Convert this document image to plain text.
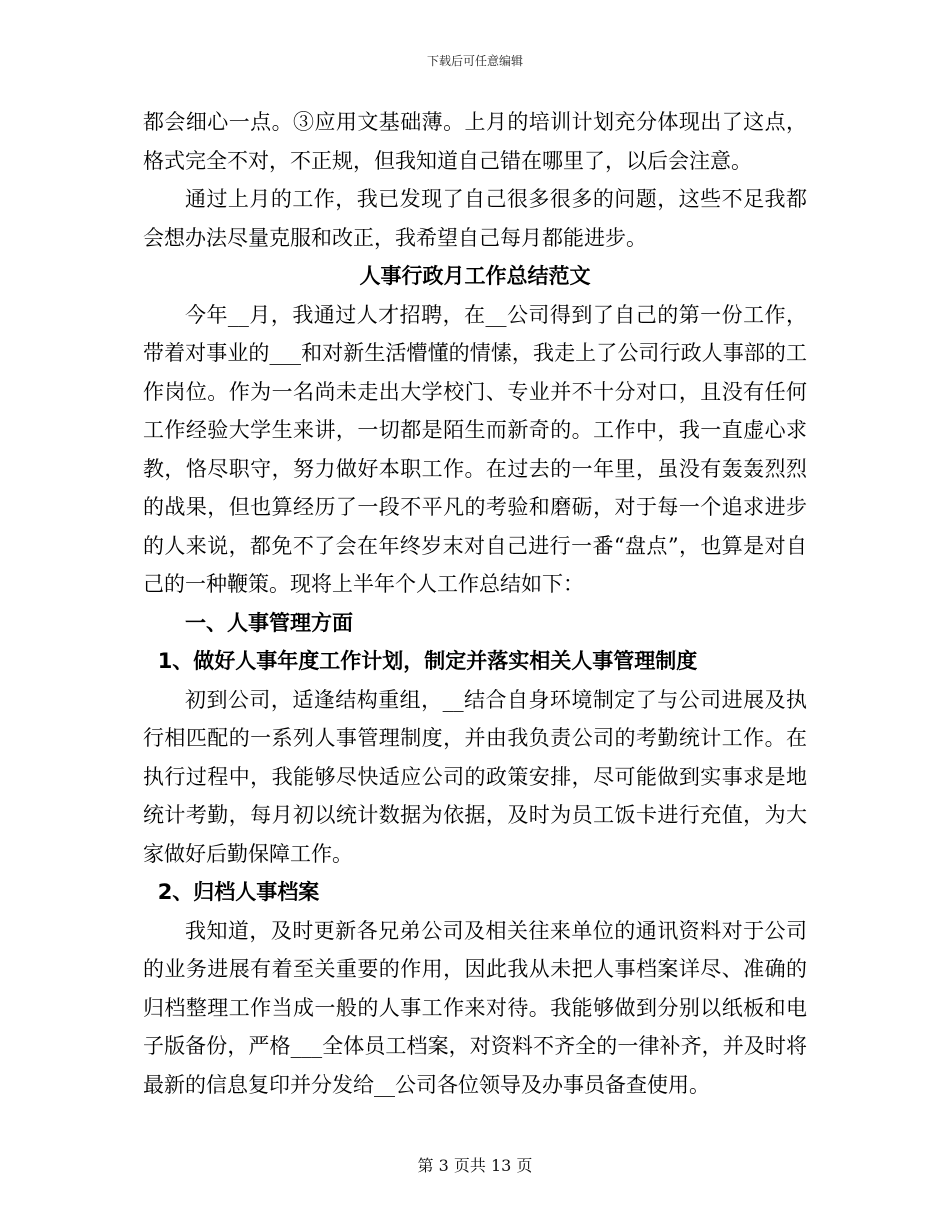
下载后可任意编辑

都会细心一点。③应用文基础薄。上月的培训计划充分体现出了这点，格式完全不对，不正规，但我知道自己错在哪里了，以后会注意。

通过上月的工作，我已发现了自己很多很多的问题，这些不足我都会想办法尽量克服和改正，我希望自己每月都能进步。

人事行政月工作总结范文

今年__月，我通过人才招聘，在__公司得到了自己的第一份工作，带着对事业的___和对新生活懵懂的情愫，我走上了公司行政人事部的工作岗位。作为一名尚未走出大学校门、专业并不十分对口，且没有任何工作经验大学生来讲，一切都是陌生而新奇的。工作中，我一直虚心求教，恪尽职守，努力做好本职工作。在过去的一年里，虽没有轰轰烈烈的战果，但也算经历了一段不平凡的考验和磨砺，对于每一个追求进步的人来说，都免不了会在年终岁末对自己进行一番“盘点”，也算是对自己的一种鞭策。现将上半年个人工作总结如下：

一、人事管理方面

1、做好人事年度工作计划，制定并落实相关人事管理制度

初到公司，适逢结构重组，__结合自身环境制定了与公司进展及执行相匹配的一系列人事管理制度，并由我负责公司的考勤统计工作。在执行过程中，我能够尽快适应公司的政策安排，尽可能做到实事求是地统计考勤，每月初以统计数据为依据，及时为员工饭卡进行充值，为大家做好后勤保障工作。

2、归档人事档案

我知道，及时更新各兄弟公司及相关往来单位的通讯资料对于公司的业务进展有着至关重要的作用，因此我从未把人事档案详尽、准确的归档整理工作当成一般的人事工作来对待。我能够做到分别以纸板和电子版备份，严格___全体员工档案，对资料不齐全的一律补齐，并及时将最新的信息复印并分发给__公司各位领导及办事员备查使用。

第 3 页共 13 页
